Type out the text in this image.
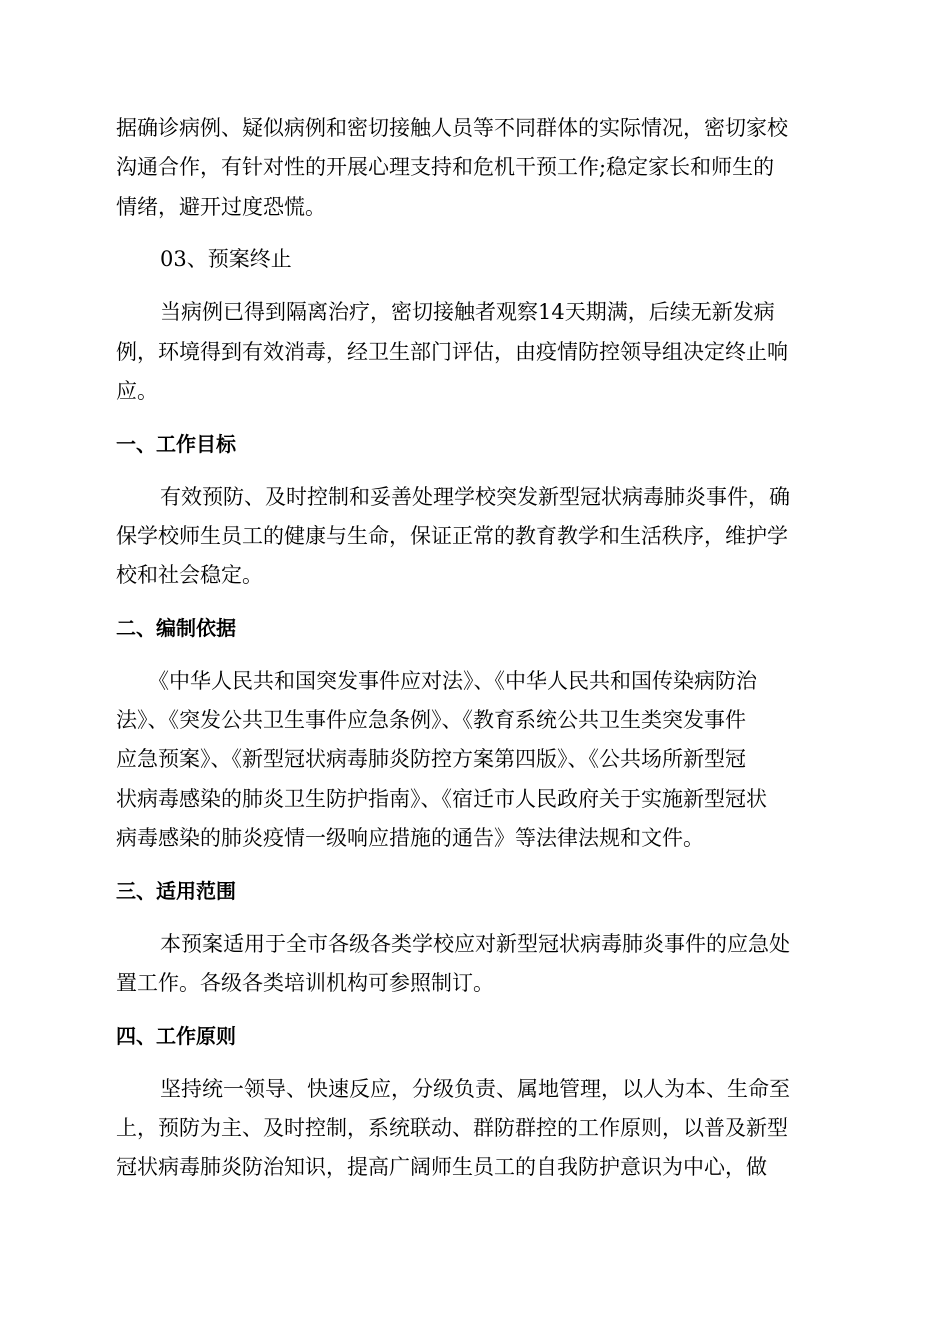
据确诊病例、疑似病例和密切接触人员等不同群体的实际情况，密切家校
沟通合作，有针对性的开展心理支持和危机干预工作;稳定家长和师生的
情绪，避开过度恐慌。
03、预案终止
当病例已得到隔离治疗，密切接触者观察14天期满，后续无新发病
例，环境得到有效消毒，经卫生部门评估，由疫情防控领导组决定终止响
应。
一、工作目标
有效预防、及时控制和妥善处理学校突发新型冠状病毒肺炎事件，确
保学校师生员工的健康与生命，保证正常的教育教学和生活秩序，维护学
校和社会稳定。
二、编制依据
《中华人民共和国突发事件应对法》、《中华人民共和国传染病防治
法》、《突发公共卫生事件应急条例》、《教育系统公共卫生类突发事件
应急预案》、《新型冠状病毒肺炎防控方案第四版》、《公共场所新型冠
状病毒感染的肺炎卫生防护指南》、《宿迁市人民政府关于实施新型冠状
病毒感染的肺炎疫情一级响应措施的通告》等法律法规和文件。
三、适用范围
本预案适用于全市各级各类学校应对新型冠状病毒肺炎事件的应急处
置工作。各级各类培训机构可参照制订。
四、工作原则
坚持统一领导、快速反应，分级负责、属地管理，以人为本、生命至
上，预防为主、及时控制，系统联动、群防群控的工作原则，以普及新型
冠状病毒肺炎防治知识，提高广阔师生员工的自我防护意识为中心，做
